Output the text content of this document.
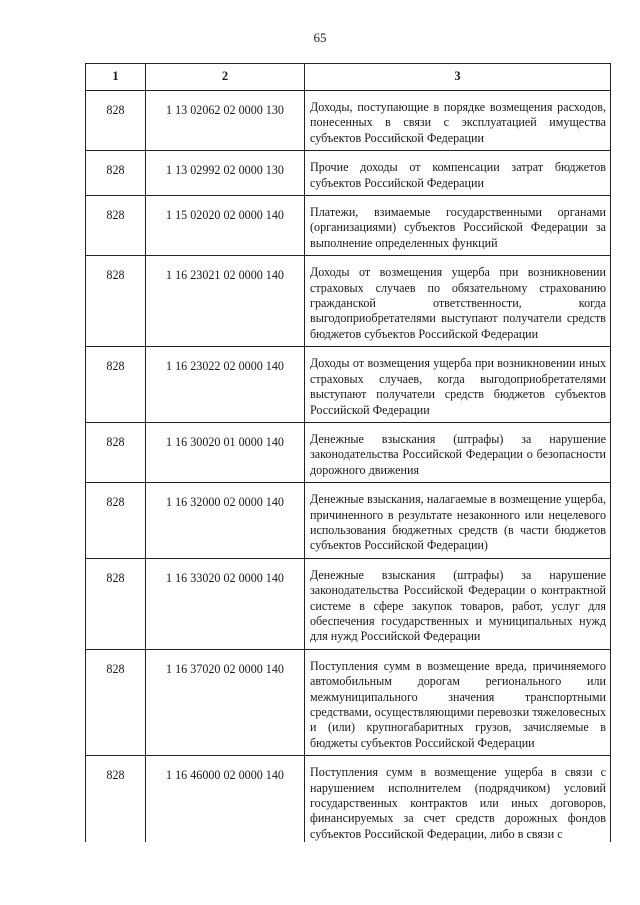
65
1	2	3
828	1 13 02062 02 0000 130	Доходы, поступающие в порядке возмещения расходов, понесенных в связи с эксплуатацией имущества субъектов Российской Федерации
828	1 13 02992 02 0000 130	Прочие доходы от компенсации затрат бюджетов субъектов Российской Федерации
828	1 15 02020 02 0000 140	Платежи, взимаемые государственными органами (организациями) субъектов Российской Федерации за выполнение определенных функций
828	1 16 23021 02 0000 140	Доходы от возмещения ущерба при возникновении страховых случаев по обязательному страхованию гражданской ответственности, когда выгодоприобретателями выступают получатели средств бюджетов субъектов Российской Федерации
828	1 16 23022 02 0000 140	Доходы от возмещения ущерба при возникновении иных страховых случаев, когда выгодоприобретателями выступают получатели средств бюджетов субъектов Российской Федерации
828	1 16 30020 01 0000 140	Денежные взыскания (штрафы) за нарушение законодательства Российской Федерации о безопасности дорожного движения
828	1 16 32000 02 0000 140	Денежные взыскания, налагаемые в возмещение ущерба, причиненного в результате незаконного или нецелевого использования бюджетных средств (в части бюджетов субъектов Российской Федерации)
828	1 16 33020 02 0000 140	Денежные взыскания (штрафы) за нарушение законодательства Российской Федерации о контрактной системе в сфере закупок товаров, работ, услуг для обеспечения государственных и муниципальных нужд для нужд Российской Федерации
828	1 16 37020 02 0000 140	Поступления сумм в возмещение вреда, причиняемого автомобильным дорогам регионального или межмуниципального значения транспортными средствами, осуществляющими перевозки тяжеловесных и (или) крупногабаритных грузов, зачисляемые в бюджеты субъектов Российской Федерации
828	1 16 46000 02 0000 140	Поступления сумм в возмещение ущерба в связи с нарушением исполнителем (подрядчиком) условий государственных контрактов или иных договоров, финансируемых за счет средств дорожных фондов субъектов Российской Федерации, либо в связи с
